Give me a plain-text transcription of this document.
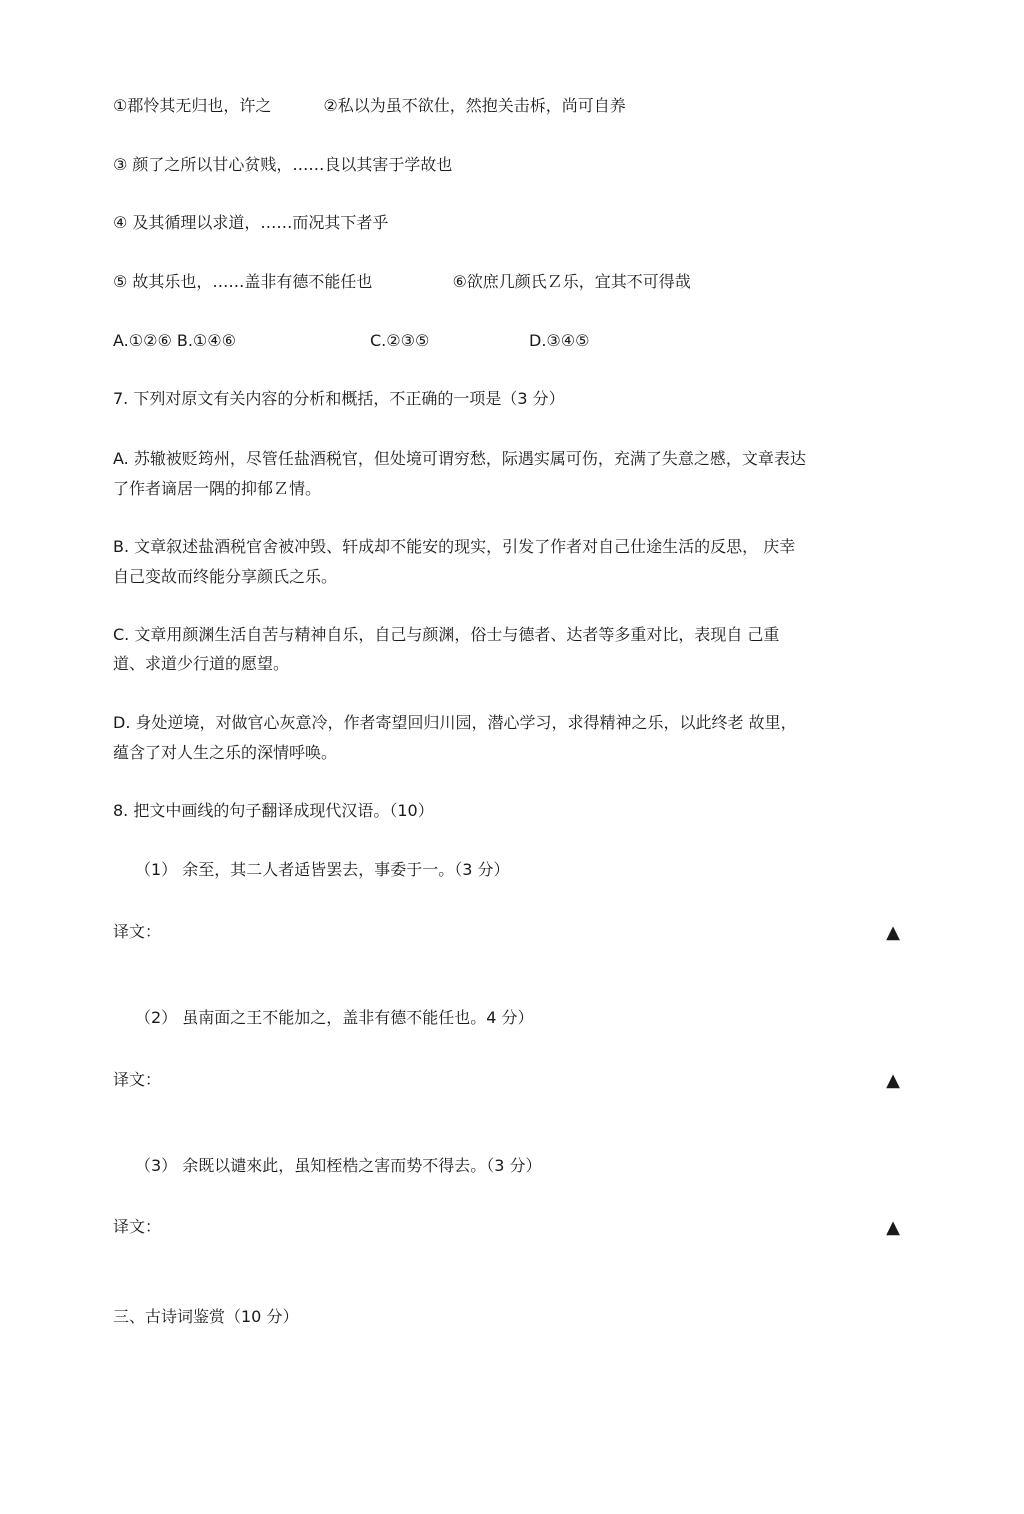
①郡怜其无归也，许之	②私以为虽不欲仕，然抱关击柝，尚可自养
③ 颜了之所以甘心贫贱，……良以其害于学故也
④ 及其循理以求道，……而况其下者乎
⑤ 故其乐也，……盖非有德不能任也	⑥欲庶几颜氏Ｚ乐，宜其不可得哉
A.①②⑥ B.①④⑥	C.②③⑤	D.③④⑤
7. 下列对原文有关内容的分析和概括，不正确的一项是（3 分）
A. 苏辙被贬筠州，尽管任盐酒税官，但处境可谓穷愁，际遇实属可伤，充满了失意之慼，文章表达
了作者谪居一隅的抑郁Ｚ情。
B. 文章叙述盐酒税官舍被冲毁、轩成却不能安的现实，引发了作者对自己仕途生活的反思， 庆幸
自己变故而终能分享颜氏之乐。
C. 文章用颜渊生活自苦与精神自乐，自己与颜渊，俗士与德者、达者等多重对比，表现自 己重
道、求道少行道的愿望。
D. 身处逆境，对做官心灰意冷，作者寄望回归川园，潜心学习，求得精神之乐，以此终老 故里，
蕴含了对人生之乐的深情呼唤。
8. 把文中画线的句子翻译成现代汉语。（10）
（1） 余至，其二人者适皆罢去，事委于一。（3 分）
译文：	▲
（2） 虽南面之王不能加之，盖非有德不能任也。4 分）
译文：	▲
（3） 余既以谴來此，虽知桎梏之害而势不得去。（3 分）
译文：	▲
三、古诗词鉴赏（10 分）
